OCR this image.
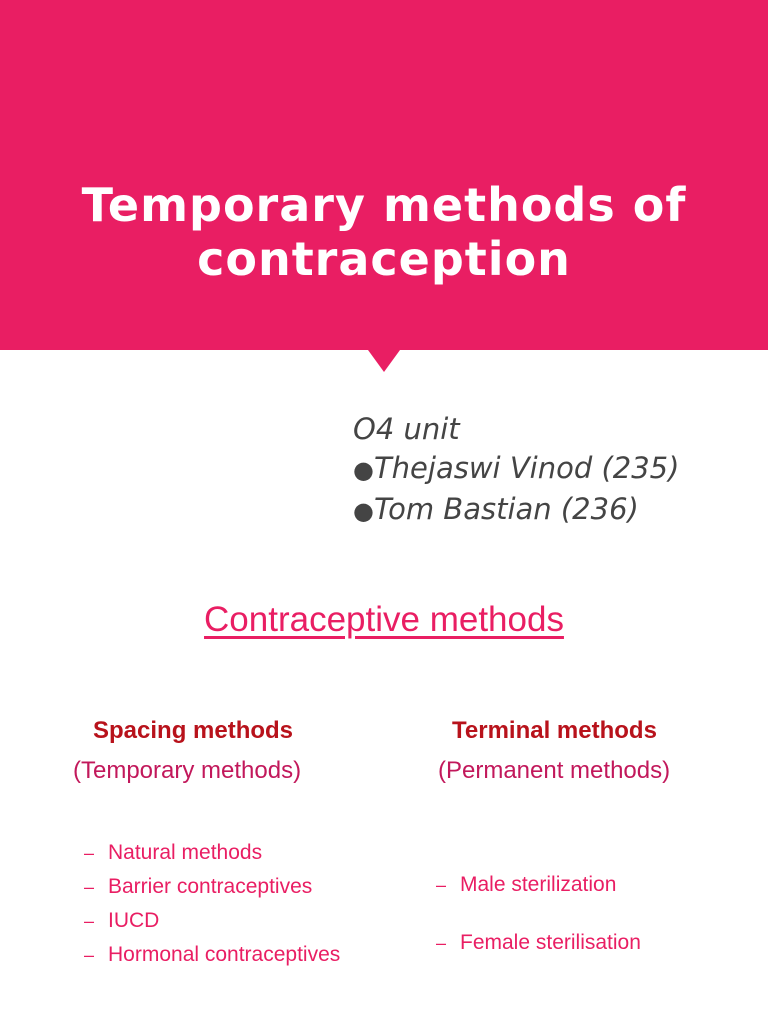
Temporary methods of
contraception
O4 unit
●Thejaswi Vinod (235)
●Tom Bastian (236)
Contraceptive methods
Spacing methods
(Temporary methods)
Terminal methods
(Permanent methods)
– Natural methods
– Barrier contraceptives
– IUCD
– Hormonal contraceptives
– Male sterilization
– Female sterilisation
